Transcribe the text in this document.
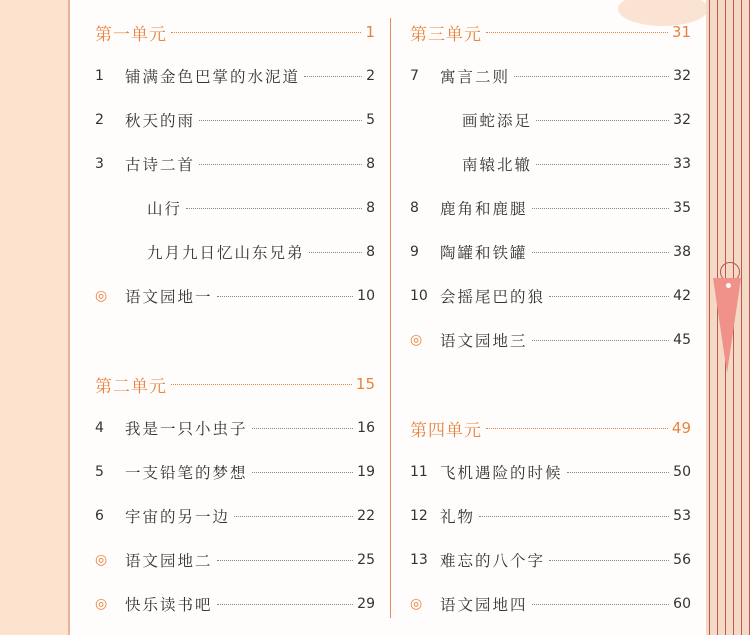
第一单元	1
1	铺满金色巴掌的水泥道	2
2	秋天的雨	5
3	古诗二首	8
山行	8
九月九日忆山东兄弟	8
◎	语文园地一	10
第二单元	15
4	我是一只小虫子	16
5	一支铅笔的梦想	19
6	宇宙的另一边	22
◎	语文园地二	25
◎	快乐读书吧	29
第三单元	31
7	寓言二则	32
画蛇添足	32
南辕北辙	33
8	鹿角和鹿腿	35
9	陶罐和铁罐	38
10 会摇尾巴的狼	42
◎	语文园地三	45
第四单元	49
11 飞机遇险的时候	50
12 礼物	53
13 难忘的八个字	56
◎	语文园地四	60
